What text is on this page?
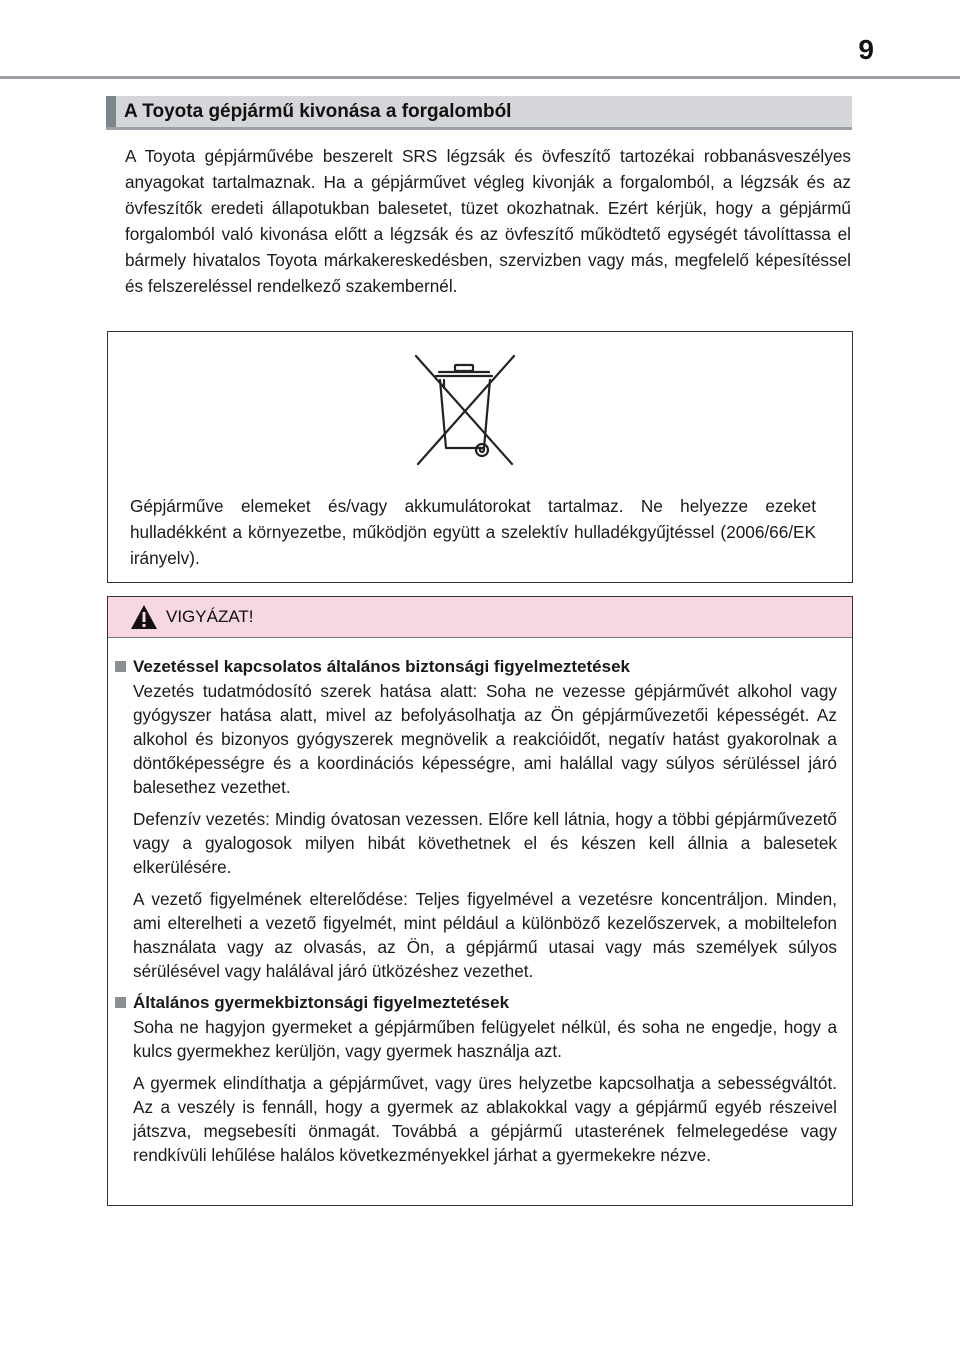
9
A Toyota gépjármű kivonása a forgalomból

A Toyota gépjárművébe beszerelt SRS légzsák és övfeszítő tartozékai robbanásveszélyes anyagokat tartalmaznak. Ha a gépjárművet végleg kivonják a forgalomból, a légzsák és az övfeszítők eredeti állapotukban balesetet, tüzet okozhatnak. Ezért kérjük, hogy a gépjármű forgalomból való kivonása előtt a légzsák és az övfeszítő működtető egységét távolíttassa el bármely hivatalos Toyota márkakereskedésben, szervizben vagy más, megfelelő képesítéssel és felszereléssel rendelkező szakembernél.

Gépjárműve elemeket és/vagy akkumulátorokat tartalmaz. Ne helyezze ezeket hulladékként a környezetbe, működjön együtt a szelektív hulladékgyűjtéssel (2006/66/EK irányelv).

VIGYÁZAT!
Vezetéssel kapcsolatos általános biztonsági figyelmeztetések

Vezetés tudatmódosító szerek hatása alatt: Soha ne vezesse gépjárművét alkohol vagy gyógyszer hatása alatt, mivel az befolyásolhatja az Ön gépjárművezetői képességét. Az alkohol és bizonyos gyógyszerek megnövelik a reakcióidőt, negatív hatást gyakorolnak a döntőképességre és a koordinációs képességre, ami halállal vagy súlyos sérüléssel járó balesethez vezethet.

Defenzív vezetés: Mindig óvatosan vezessen. Előre kell látnia, hogy a többi gépjárművezető vagy a gyalogosok milyen hibát követhetnek el és készen kell állnia a balesetek elkerülésére.

A vezető figyelmének elterelődése: Teljes figyelmével a vezetésre koncentráljon. Minden, ami elterelheti a vezető figyelmét, mint például a különböző kezelőszervek, a mobiltelefon használata vagy az olvasás, az Ön, a gépjármű utasai vagy más személyek súlyos sérülésével vagy halálával járó ütközéshez vezethet.

Általános gyermekbiztonsági figyelmeztetések

Soha ne hagyjon gyermeket a gépjárműben felügyelet nélkül, és soha ne engedje, hogy a kulcs gyermekhez kerüljön, vagy gyermek használja azt.

A gyermek elindíthatja a gépjárművet, vagy üres helyzetbe kapcsolhatja a sebességváltót. Az a veszély is fennáll, hogy a gyermek az ablakokkal vagy a gépjármű egyéb részeivel játszva, megsebesíti önmagát. Továbbá a gépjármű utasterének felmelegedése vagy rendkívüli lehűlése halálos következményekkel járhat a gyermekekre nézve.
